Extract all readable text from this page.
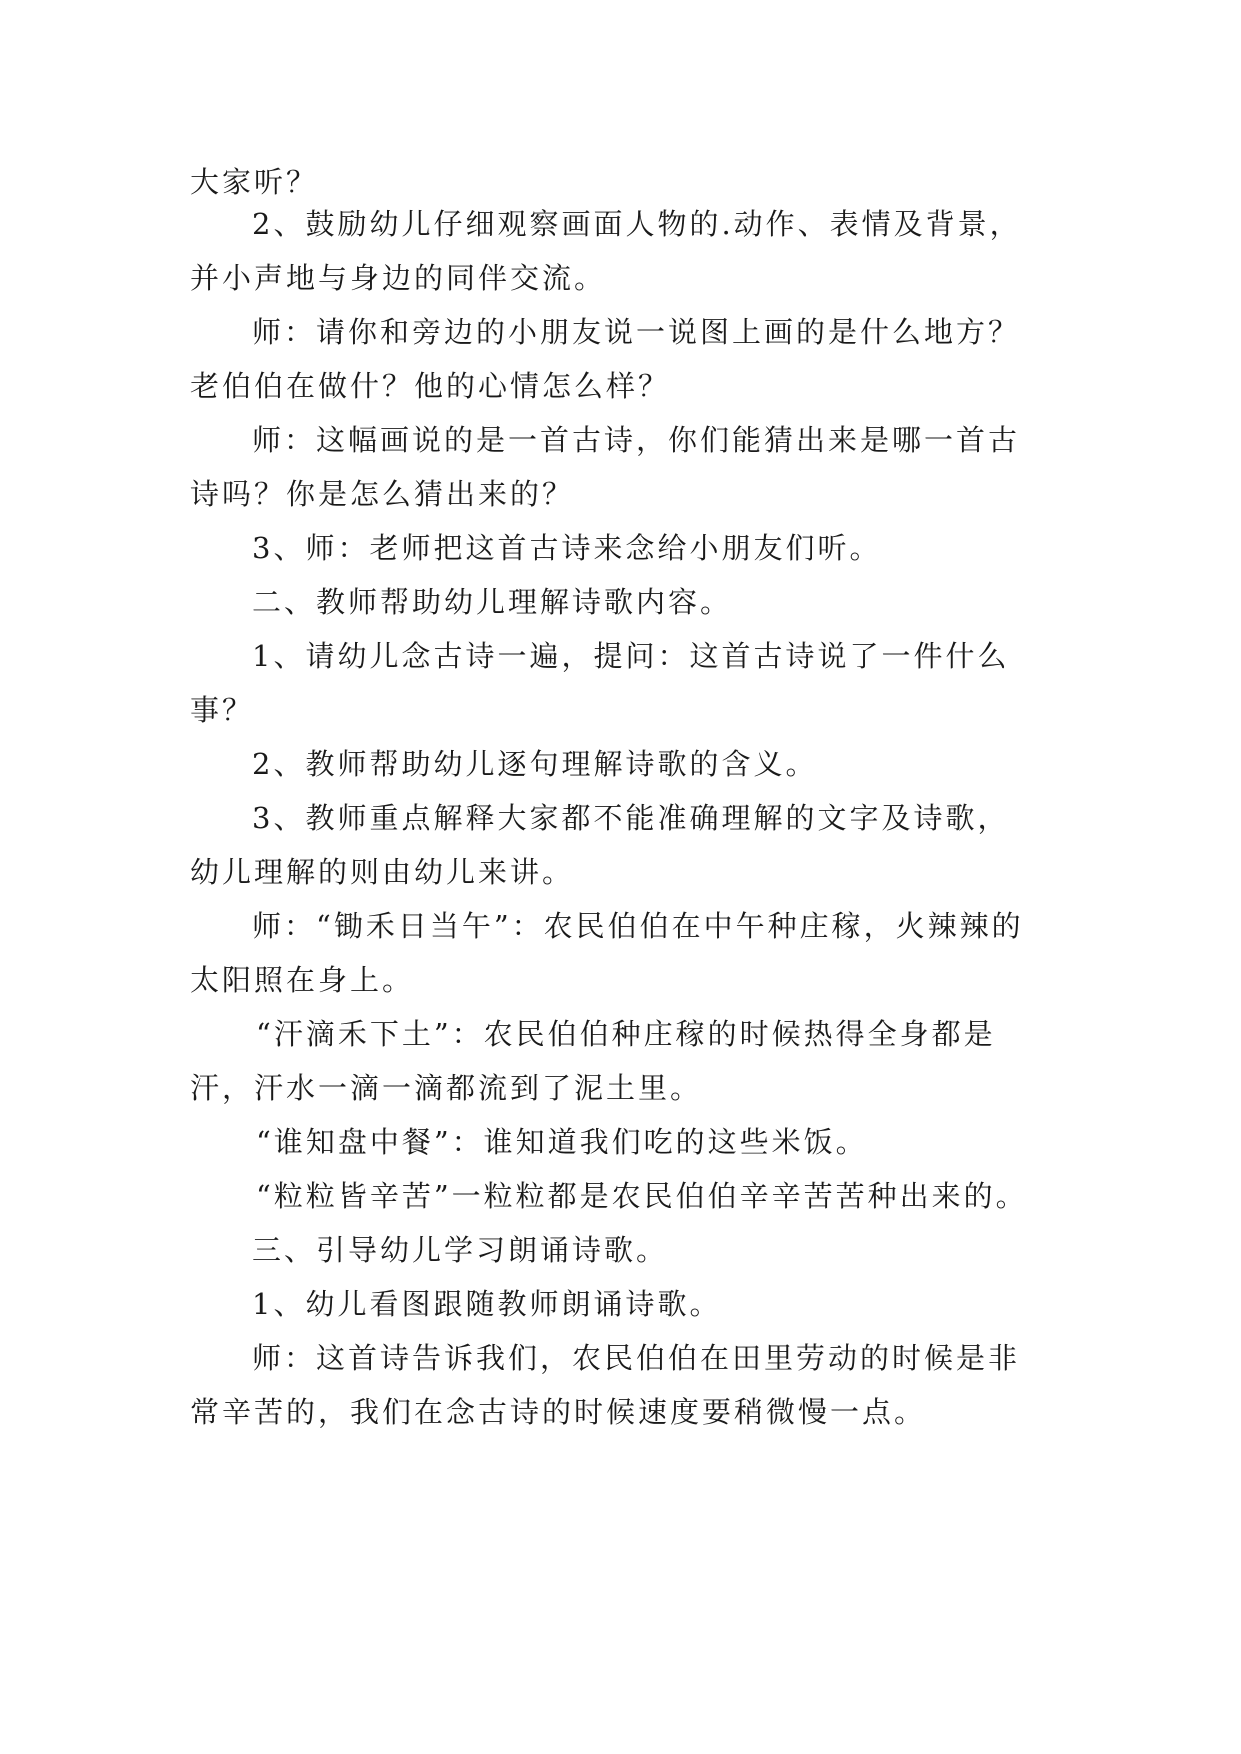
大家听？
2、鼓励幼儿仔细观察画面人物的.动作、表情及背景，
并小声地与身边的同伴交流。
师：请你和旁边的小朋友说一说图上画的是什么地方？
老伯伯在做什？他的心情怎么样？
师：这幅画说的是一首古诗，你们能猜出来是哪一首古
诗吗？你是怎么猜出来的？
3、师：老师把这首古诗来念给小朋友们听。
二、教师帮助幼儿理解诗歌内容。
1、请幼儿念古诗一遍，提问：这首古诗说了一件什么
事？
2、教师帮助幼儿逐句理解诗歌的含义。
3、教师重点解释大家都不能准确理解的文字及诗歌，
幼儿理解的则由幼儿来讲。
师：“锄禾日当午”：农民伯伯在中午种庄稼，火辣辣的
太阳照在身上。
“汗滴禾下土”：农民伯伯种庄稼的时候热得全身都是
汗，汗水一滴一滴都流到了泥土里。
“谁知盘中餐”：谁知道我们吃的这些米饭。
“粒粒皆辛苦”一粒粒都是农民伯伯辛辛苦苦种出来的。
三、引导幼儿学习朗诵诗歌。
1、幼儿看图跟随教师朗诵诗歌。
师：这首诗告诉我们，农民伯伯在田里劳动的时候是非
常辛苦的，我们在念古诗的时候速度要稍微慢一点。
